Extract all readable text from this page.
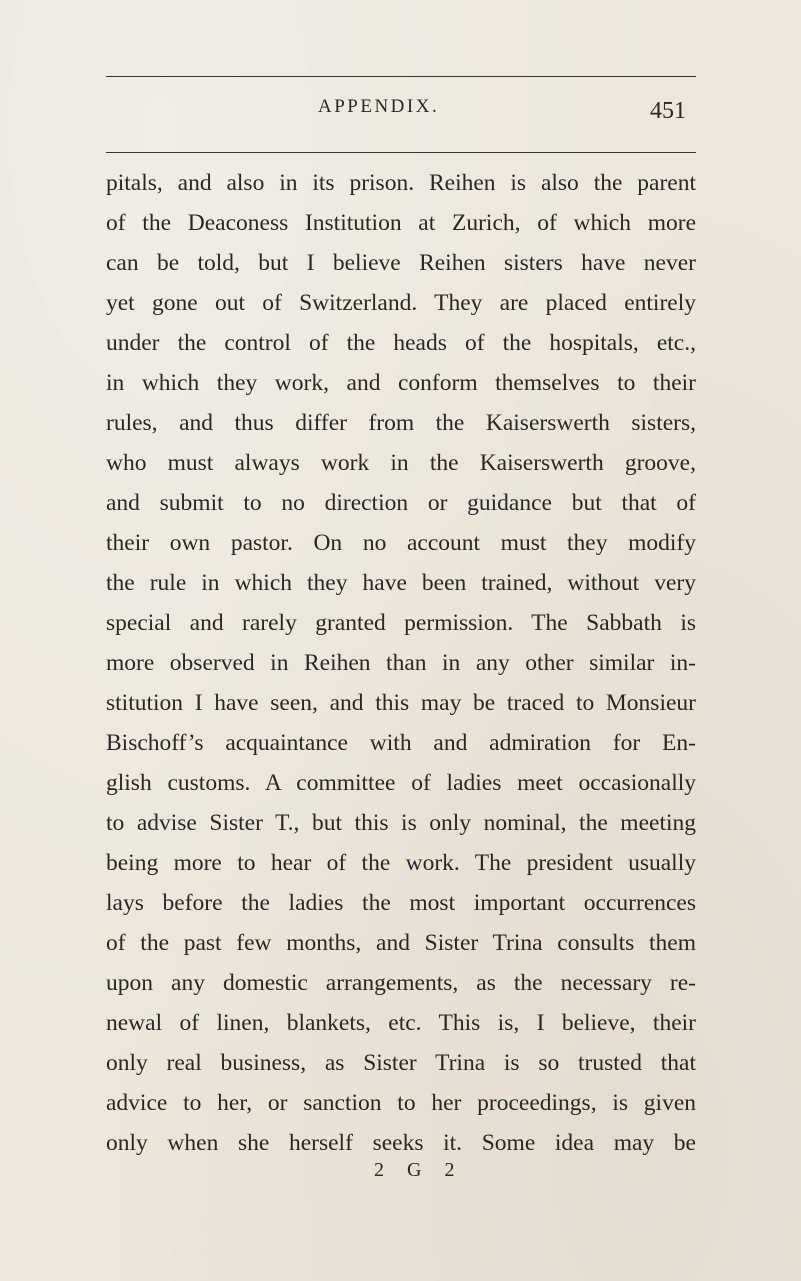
APPENDIX.	451
pitals, and also in its prison. Reihen is also the parent
of the Deaconess Institution at Zurich, of which more
can be told, but I believe Reihen sisters have never
yet gone out of Switzerland. They are placed entirely
under the control of the heads of the hospitals, etc.,
in which they work, and conform themselves to their
rules, and thus differ from the Kaiserswerth sisters,
who must always work in the Kaiserswerth groove,
and submit to no direction or guidance but that of
their own pastor. On no account must they modify
the rule in which they have been trained, without very
special and rarely granted permission. The Sabbath is
more observed in Reihen than in any other similar in-
stitution I have seen, and this may be traced to Monsieur
Bischoff’s acquaintance with and admiration for En-
glish customs. A committee of ladies meet occasionally
to advise Sister T., but this is only nominal, the meeting
being more to hear of the work. The president usually
lays before the ladies the most important occurrences
of the past few months, and Sister Trina consults them
upon any domestic arrangements, as the necessary re-
newal of linen, blankets, etc. This is, I believe, their
only real business, as Sister Trina is so trusted that
advice to her, or sanction to her proceedings, is given
only when she herself seeks it. Some idea may be
2 G 2
